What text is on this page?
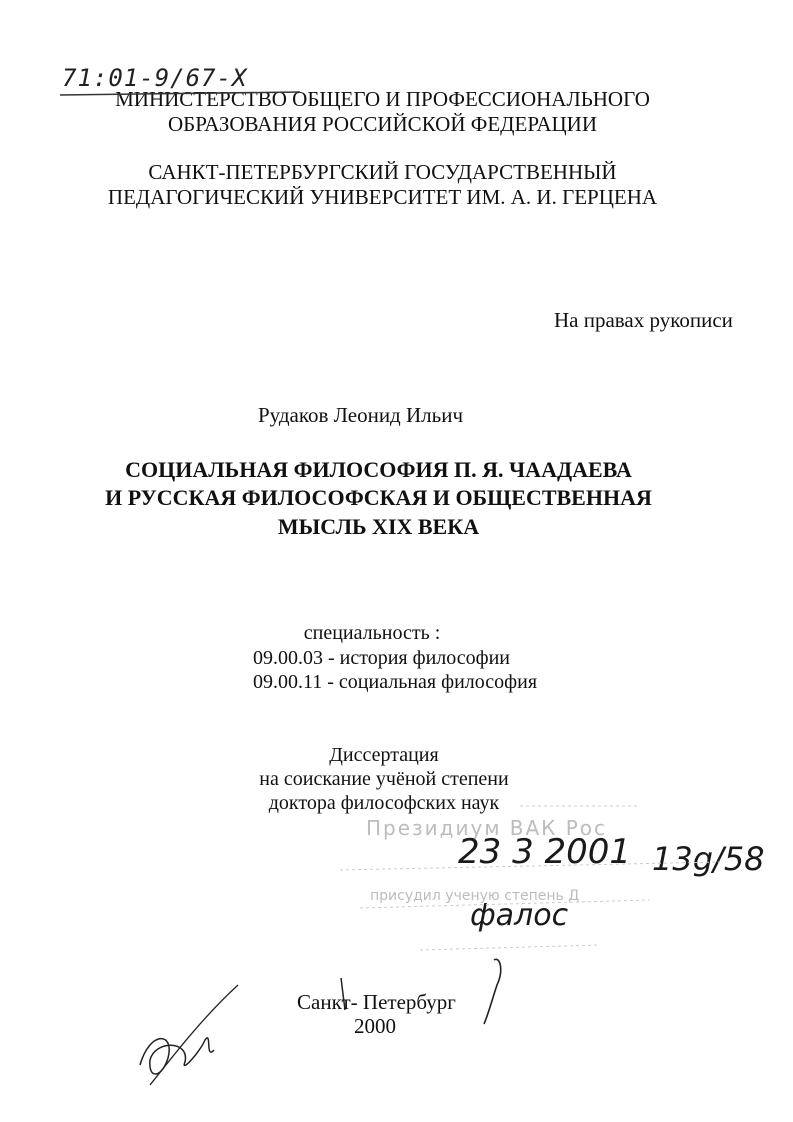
71:01-9/67-X
МИНИСТЕРСТВО ОБЩЕГО И ПРОФЕССИОНАЛЬНОГО
ОБРАЗОВАНИЯ РОССИЙСКОЙ ФЕДЕРАЦИИ
САНКТ-ПЕТЕРБУРГСКИЙ ГОСУДАРСТВЕННЫЙ
ПЕДАГОГИЧЕСКИЙ УНИВЕРСИТЕТ ИМ. А. И. ГЕРЦЕНА
На правах рукописи
Рудаков Леонид Ильич
СОЦИАЛЬНАЯ ФИЛОСОФИЯ П. Я. ЧААДАЕВА
И РУССКАЯ ФИЛОСОФСКАЯ И ОБЩЕСТВЕННАЯ
МЫСЛЬ XIX ВЕКА
специальность :
09.00.03 - история философии
09.00.11 - социальная философия
Диссертация
на соискание учёной степени
доктора философских наук
Президиум ВАК Рос
присудил ученую степень Д
23 3 2001 13g/58
фалос
Санкт- Петербург
2000
